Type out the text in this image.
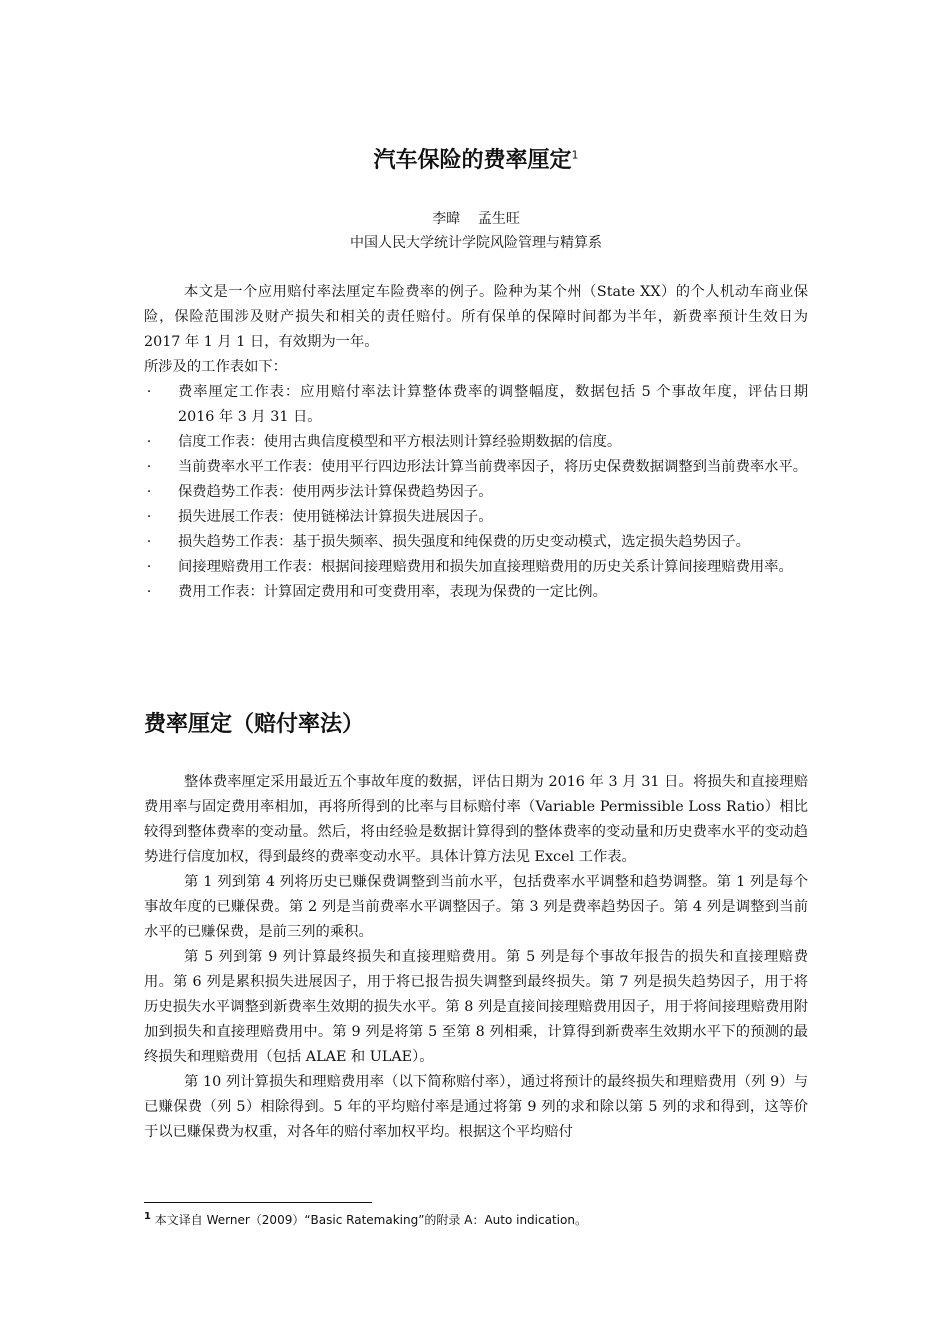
汽车保险的费率厘定$^1$
李暐    孟生旺
中国人民大学统计学院风险管理与精算系

本文是一个应用赔付率法厘定车险费率的例子。险种为某个州（State XX）的个人机动车商业保险，保险范围涉及财产损失和相关的责任赔付。所有保单的保障时间都为半年，新费率预计生效日为 2017 年 1 月 1 日，有效期为一年。

所涉及的工作表如下：

· 费率厘定工作表：应用赔付率法计算整体费率的调整幅度，数据包括 5 个事故年度，评估日期 2016 年 3 月 31 日。
· 信度工作表：使用古典信度模型和平方根法则计算经验期数据的信度。
· 当前费率水平工作表：使用平行四边形法计算当前费率因子，将历史保费数据调整到当前费率水平。
· 保费趋势工作表：使用两步法计算保费趋势因子。
· 损失进展工作表：使用链梯法计算损失进展因子。
· 损失趋势工作表：基于损失频率、损失强度和纯保费的历史变动模式，选定损失趋势因子。
· 间接理赔费用工作表：根据间接理赔费用和损失加直接理赔费用的历史关系计算间接理赔费用率。
· 费用工作表：计算固定费用和可变费用率，表现为保费的一定比例。
费率厘定（赔付率法）

整体费率厘定采用最近五个事故年度的数据，评估日期为 2016 年 3 月 31 日。将损失和直接理赔费用率与固定费用率相加，再将所得到的比率与目标赔付率（Variable Permissible Loss Ratio）相比较得到整体费率的变动量。然后，将由经验是数据计算得到的整体费率的变动量和历史费率水平的变动趋势进行信度加权，得到最终的费率变动水平。具体计算方法见 Excel 工作表。

第 1 列到第 4 列将历史已赚保费调整到当前水平，包括费率水平调整和趋势调整。第 1 列是每个事故年度的已赚保费。第 2 列是当前费率水平调整因子。第 3 列是费率趋势因子。第 4 列是调整到当前水平的已赚保费，是前三列的乘积。

第 5 列到第 9 列计算最终损失和直接理赔费用。第 5 列是每个事故年报告的损失和直接理赔费用。第 6 列是累积损失进展因子，用于将已报告损失调整到最终损失。第 7 列是损失趋势因子，用于将历史损失水平调整到新费率生效期的损失水平。第 8 列是直接间接理赔费用因子，用于将间接理赔费用附加到损失和直接理赔费用中。第 9 列是将第 5 至第 8 列相乘，计算得到新费率生效期水平下的预测的最终损失和理赔费用（包括 ALAE 和 ULAE）。

第 10 列计算损失和理赔费用率（以下简称赔付率），通过将预计的最终损失和理赔费用（列 9）与已赚保费（列 5）相除得到。5 年的平均赔付率是通过将第 9 列的求和除以第 5 列的求和得到，这等价于以已赚保费为权重，对各年的赔付率加权平均。根据这个平均赔付

$^1$ 本文译自 Werner（2009）“Basic Ratemaking”的附录 A：Auto indication。
